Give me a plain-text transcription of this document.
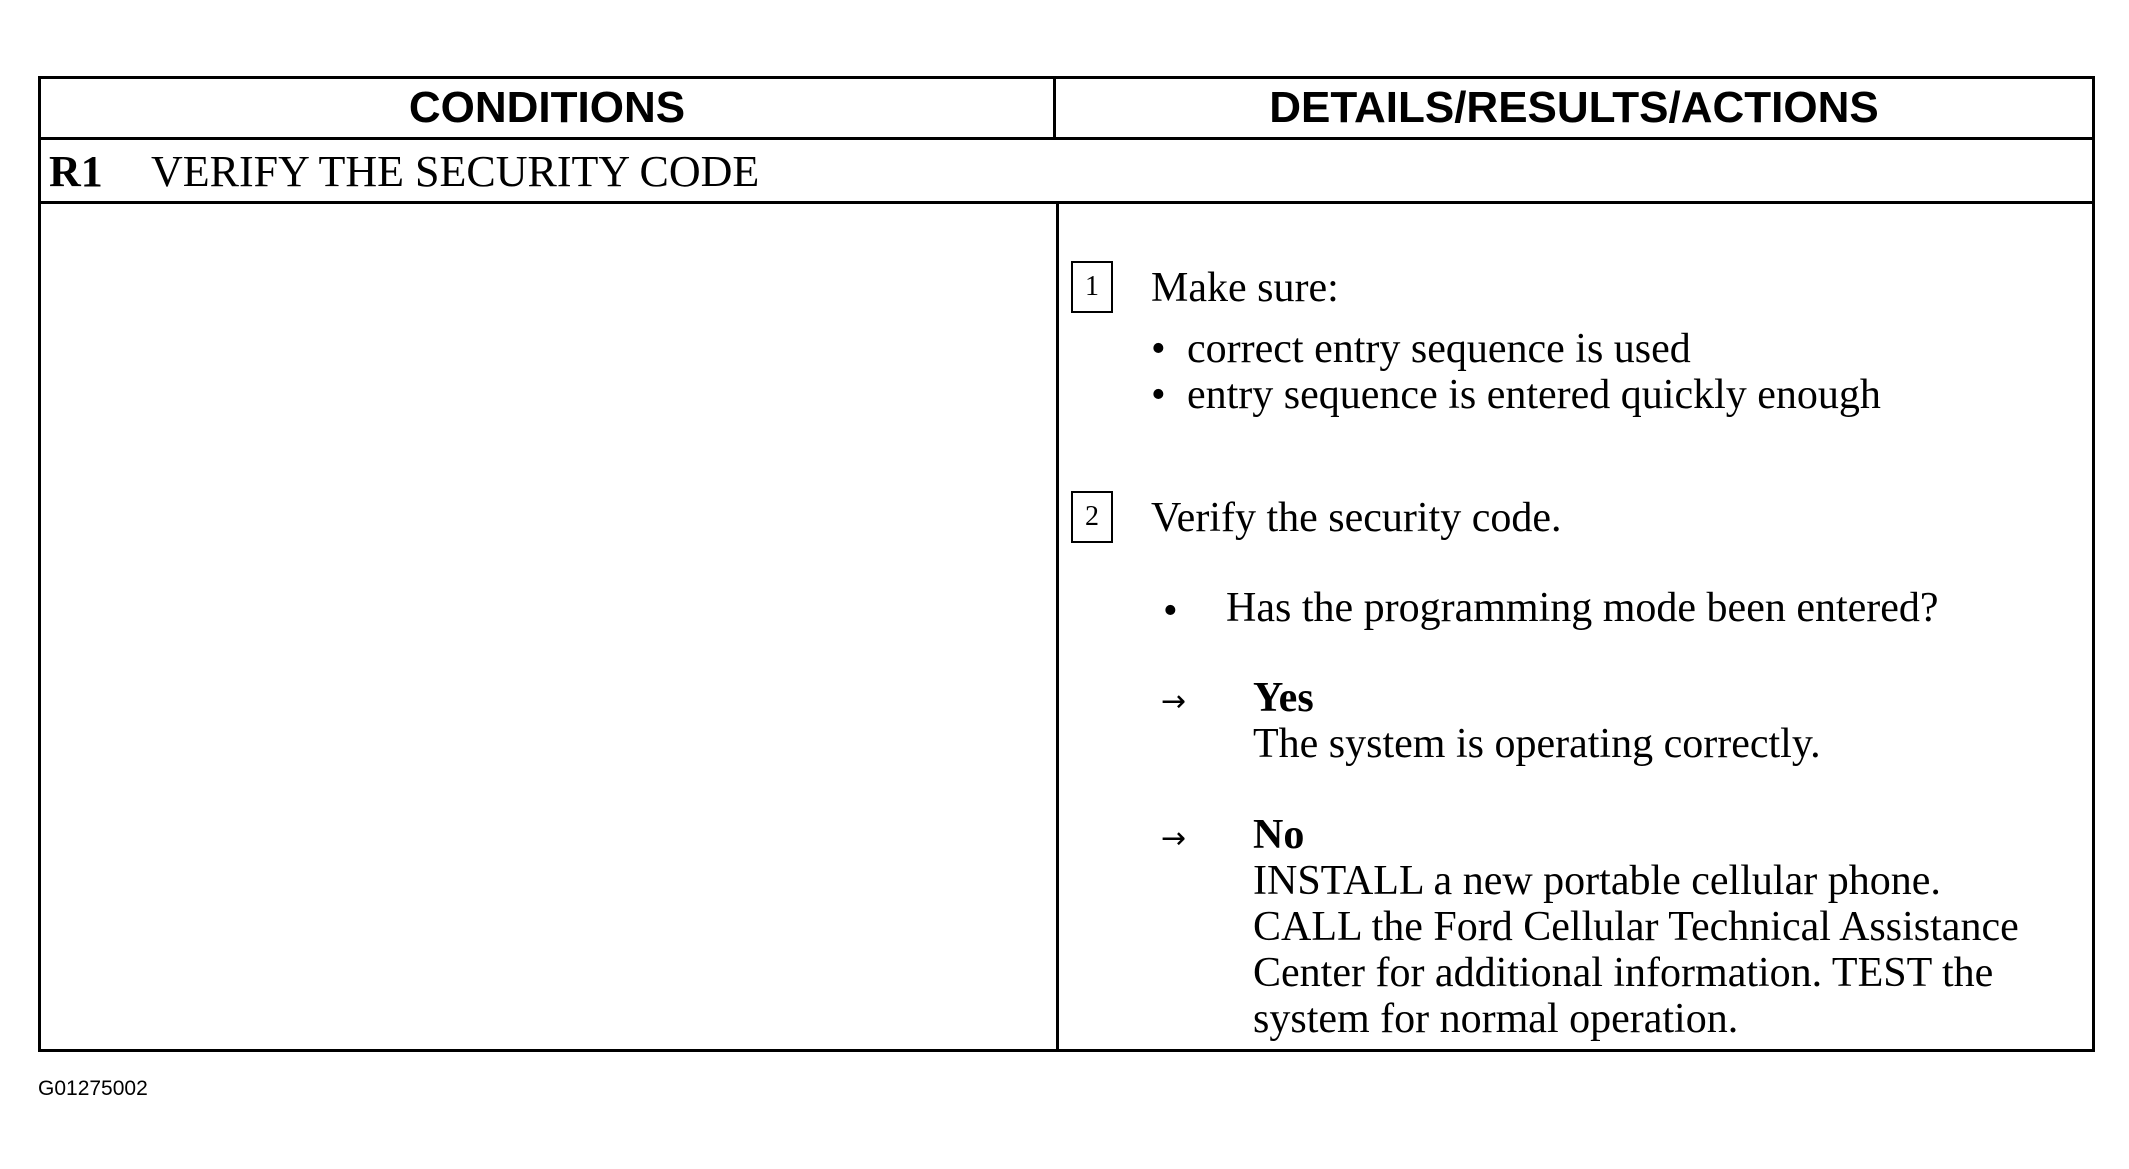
CONDITIONS	DETAILS/RESULTS/ACTIONS
R1 VERIFY THE SECURITY CODE
1	Make sure:
• correct entry sequence is used
• entry sequence is entered quickly enough
2	Verify the security code.
• Has the programming mode been entered?
→ Yes
The system is operating correctly.
→ No
INSTALL a new portable cellular phone.
CALL the Ford Cellular Technical Assistance
Center for additional information. TEST the
system for normal operation.
G01275002
